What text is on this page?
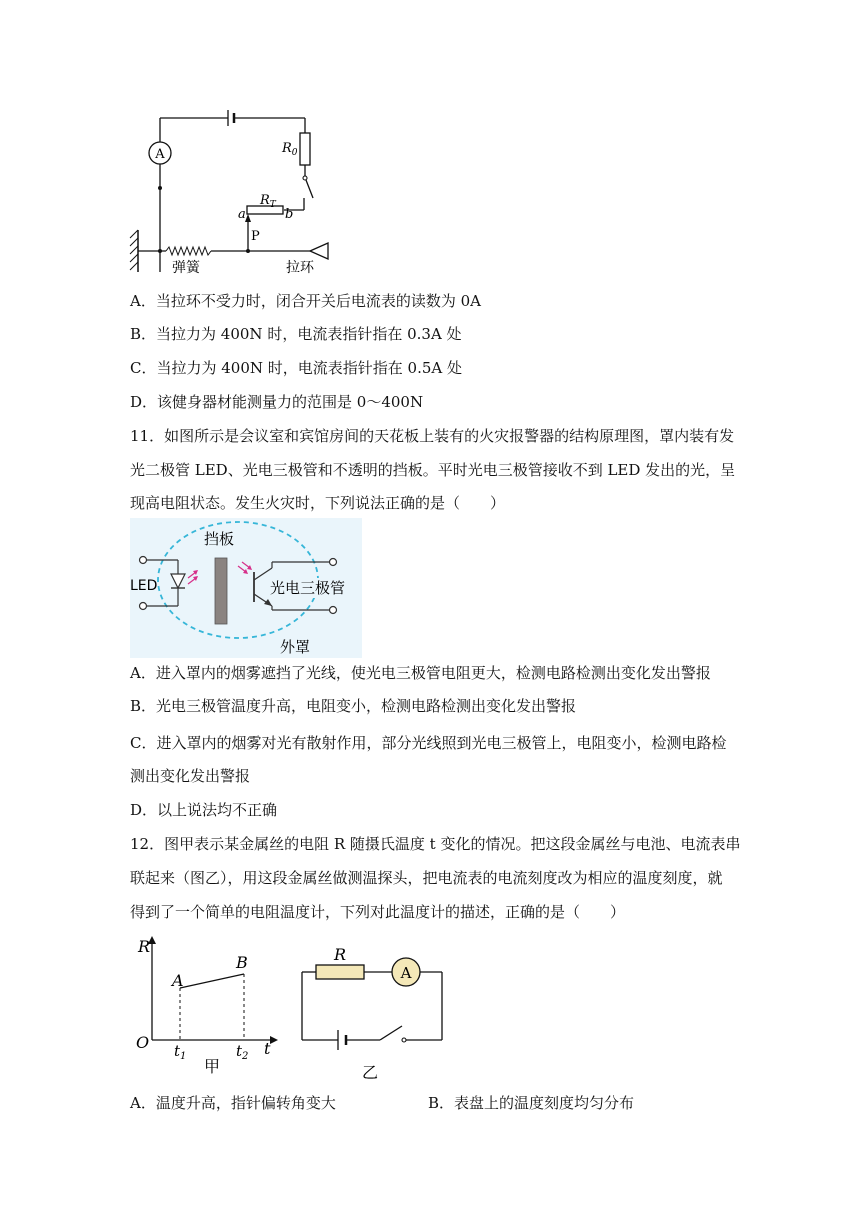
A	$R_0$
$R_T$
a	b
P
弹簧	拉环
A．当拉环不受力时，闭合开关后电流表的读数为 0A
B．当拉力为 400N 时，电流表指针指在 0.3A 处
C．当拉力为 400N 时，电流表指针指在 0.5A 处
D．该健身器材能测量力的范围是 0～400N
11．如图所示是会议室和宾馆房间的天花板上装有的火灾报警器的结构原理图，罩内装有发
光二极管 LED、光电三极管和不透明的挡板。平时光电三极管接收不到 LED 发出的光，呈
现高电阻状态。发生火灾时，下列说法正确的是（　　）
挡板
LED	光电三极管
外罩
A．进入罩内的烟雾遮挡了光线，使光电三极管电阻更大，检测电路检测出变化发出警报
B．光电三极管温度升高，电阻变小，检测电路检测出变化发出警报
C．进入罩内的烟雾对光有散射作用，部分光线照到光电三极管上，电阻变小，检测电路检
测出变化发出警报
D．以上说法均不正确
12．图甲表示某金属丝的电阻 R 随摄氏温度 t 变化的情况。把这段金属丝与电池、电流表串
联起来（图乙），用这段金属丝做测温探头，把电流表的电流刻度改为相应的温度刻度，就
得到了一个简单的电阻温度计，下列对此温度计的描述，正确的是（　　）
R
t
O
A
B
$t_1$	$t_2$
甲
R
A
乙
A．温度升高，指针偏转角变大	B．表盘上的温度刻度均匀分布
